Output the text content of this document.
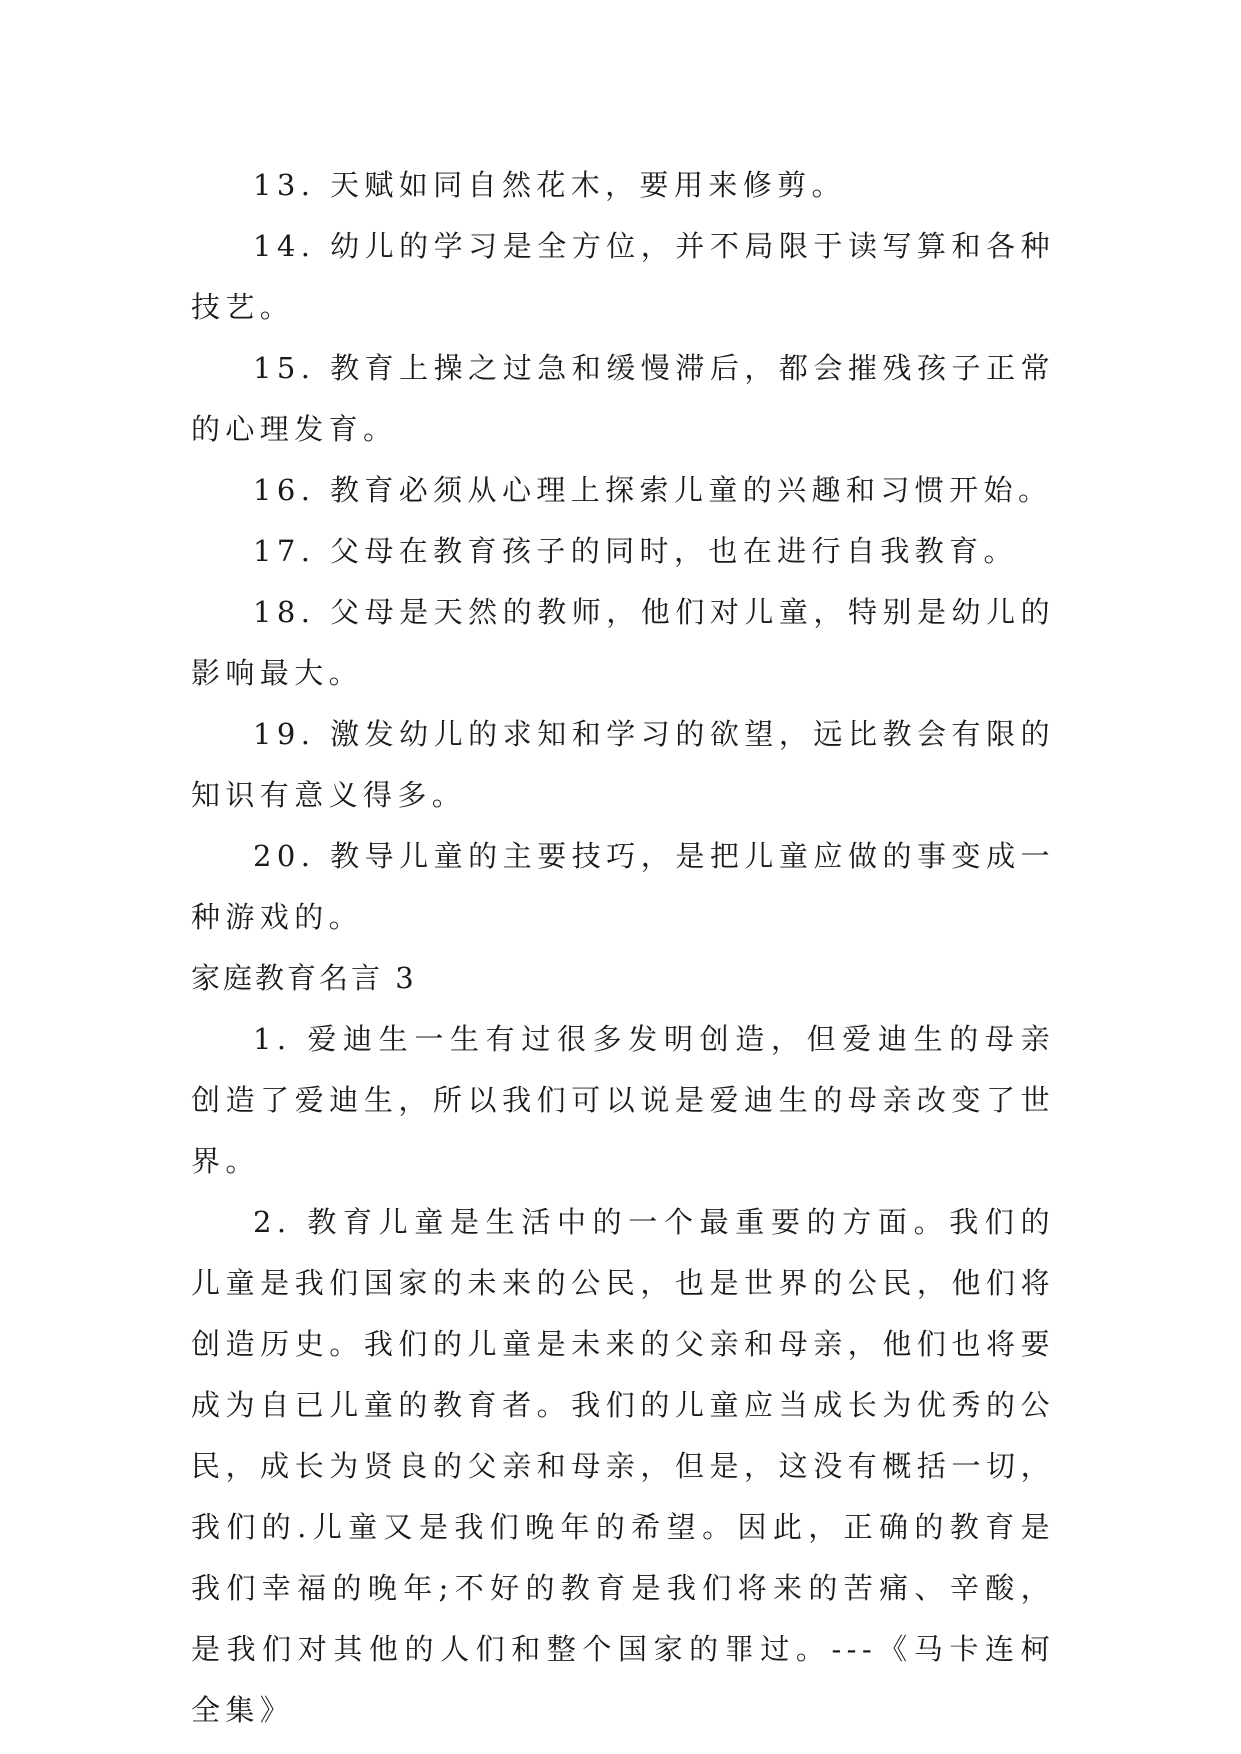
13. 天赋如同自然花木，要用来修剪。

14. 幼儿的学习是全方位，并不局限于读写算和各种技艺。

15. 教育上操之过急和缓慢滞后，都会摧残孩子正常的心理发育。

16. 教育必须从心理上探索儿童的兴趣和习惯开始。

17. 父母在教育孩子的同时，也在进行自我教育。

18. 父母是天然的教师，他们对儿童，特别是幼儿的影响最大。

19. 激发幼儿的求知和学习的欲望，远比教会有限的知识有意义得多。

20. 教导儿童的主要技巧，是把儿童应做的事变成一种游戏的。

家庭教育名言 3

1. 爱迪生一生有过很多发明创造，但爱迪生的母亲创造了爱迪生，所以我们可以说是爱迪生的母亲改变了世界。

2. 教育儿童是生活中的一个最重要的方面。我们的儿童是我们国家的未来的公民，也是世界的公民，他们将创造历史。我们的儿童是未来的父亲和母亲，他们也将要成为自已儿童的教育者。我们的儿童应当成长为优秀的公民，成长为贤良的父亲和母亲，但是，这没有概括一切，我们的.儿童又是我们晚年的希望。因此，正确的教育是我们幸福的晚年;不好的教育是我们将来的苦痛、辛酸，是我们对其他的人们和整个国家的罪过。---《马卡连柯全集》
